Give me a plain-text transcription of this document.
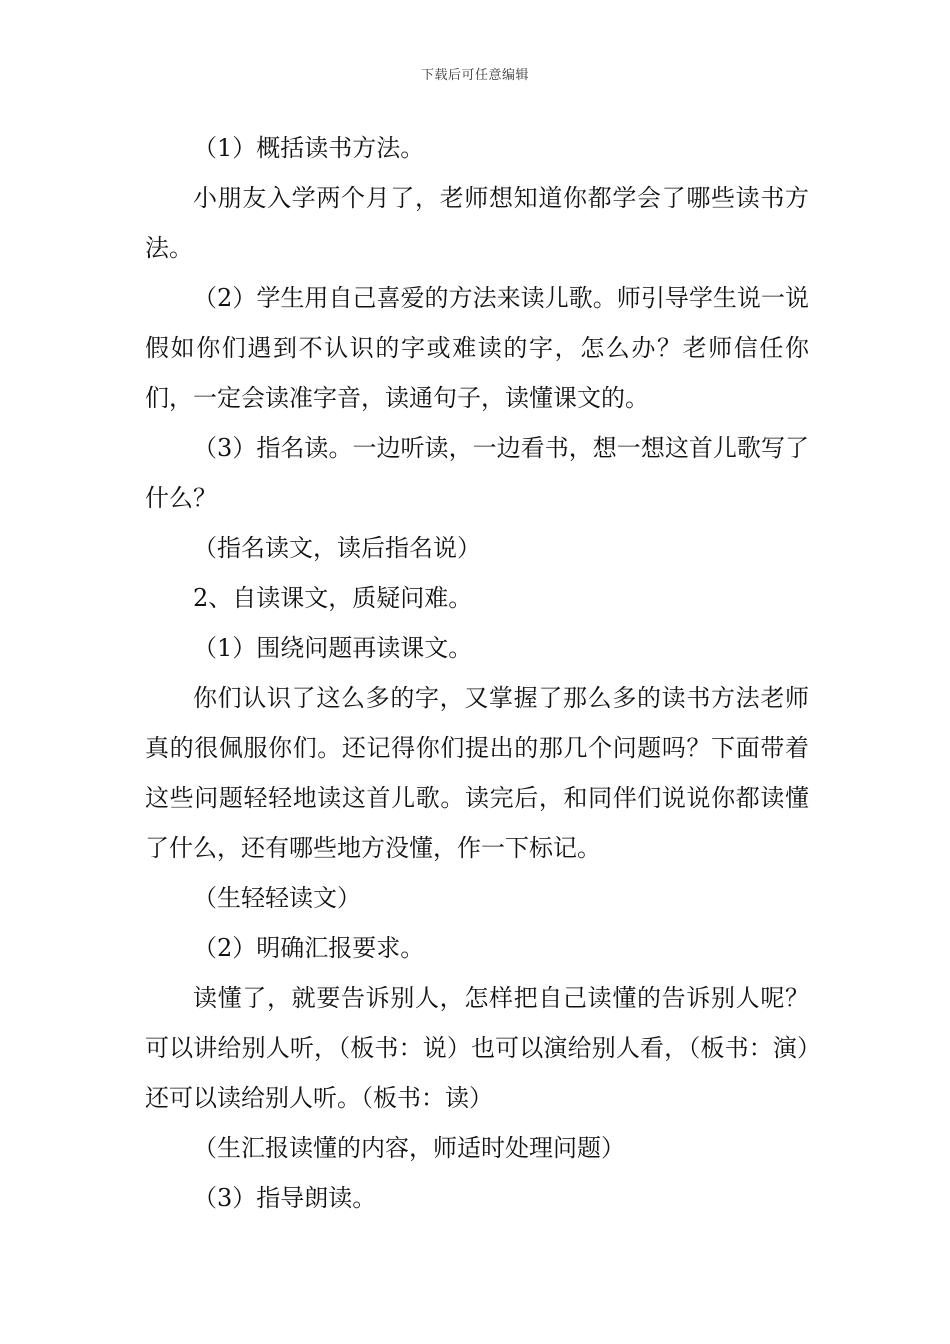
下载后可任意编辑

（1）概括读书方法。

小朋友入学两个月了，老师想知道你都学会了哪些读书方法。

（2）学生用自己喜爱的方法来读儿歌。师引导学生说一说假如你们遇到不认识的字或难读的字，怎么办？老师信任你们，一定会读准字音，读通句子，读懂课文的。

（3）指名读。一边听读，一边看书，想一想这首儿歌写了什么？

（指名读文，读后指名说）

2、自读课文，质疑问难。

（1）围绕问题再读课文。

你们认识了这么多的字，又掌握了那么多的读书方法老师真的很佩服你们。还记得你们提出的那几个问题吗？下面带着这些问题轻轻地读这首儿歌。读完后，和同伴们说说你都读懂了什么，还有哪些地方没懂，作一下标记。

（生轻轻读文）

（2）明确汇报要求。

读懂了，就要告诉别人，怎样把自己读懂的告诉别人呢？可以讲给别人听，（板书：说）也可以演给别人看，（板书：演）还可以读给别人听。（板书：读）

（生汇报读懂的内容，师适时处理问题）

（3）指导朗读。
